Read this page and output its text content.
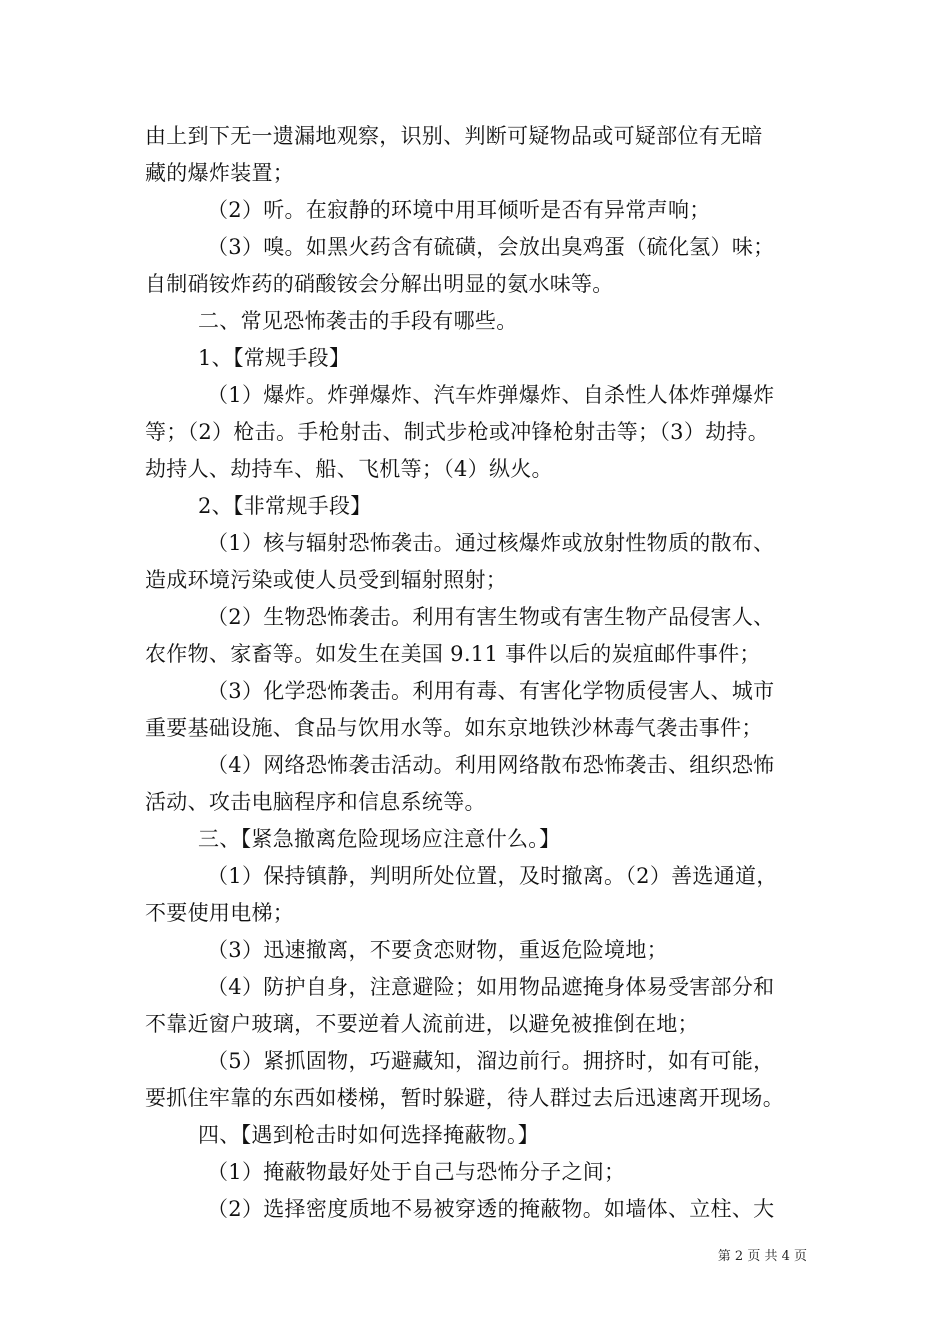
由上到下无一遗漏地观察，识别、判断可疑物品或可疑部位有无暗
藏的爆炸装置；
（2）听。在寂静的环境中用耳倾听是否有异常声响；
（3）嗅。如黑火药含有硫磺，会放出臭鸡蛋（硫化氢）味；
自制硝铵炸药的硝酸铵会分解出明显的氨水味等。
二、常见恐怖袭击的手段有哪些。
1、【常规手段】
（1）爆炸。炸弹爆炸、汽车炸弹爆炸、自杀性人体炸弹爆炸
等；（2）枪击。手枪射击、制式步枪或冲锋枪射击等；（3）劫持。
劫持人、劫持车、船、飞机等；（4）纵火。
2、【非常规手段】
（1）核与辐射恐怖袭击。通过核爆炸或放射性物质的散布、
造成环境污染或使人员受到辐射照射；
（2）生物恐怖袭击。利用有害生物或有害生物产品侵害人、
农作物、家畜等。如发生在美国 9.11 事件以后的炭疽邮件事件；
（3）化学恐怖袭击。利用有毒、有害化学物质侵害人、城市
重要基础设施、食品与饮用水等。如东京地铁沙林毒气袭击事件；
（4）网络恐怖袭击活动。利用网络散布恐怖袭击、组织恐怖
活动、攻击电脑程序和信息系统等。
三、【紧急撤离危险现场应注意什么。】
（1）保持镇静，判明所处位置，及时撤离。（2）善选通道，
不要使用电梯；
（3）迅速撤离，不要贪恋财物，重返危险境地；
（4）防护自身，注意避险；如用物品遮掩身体易受害部分和
不靠近窗户玻璃，不要逆着人流前进，以避免被推倒在地；
（5）紧抓固物，巧避藏知，溜边前行。拥挤时，如有可能，
要抓住牢靠的东西如楼梯，暂时躲避，待人群过去后迅速离开现场。
四、【遇到枪击时如何选择掩蔽物。】
（1）掩蔽物最好处于自己与恐怖分子之间；
（2）选择密度质地不易被穿透的掩蔽物。如墙体、立柱、大
第 2 页 共 4 页
